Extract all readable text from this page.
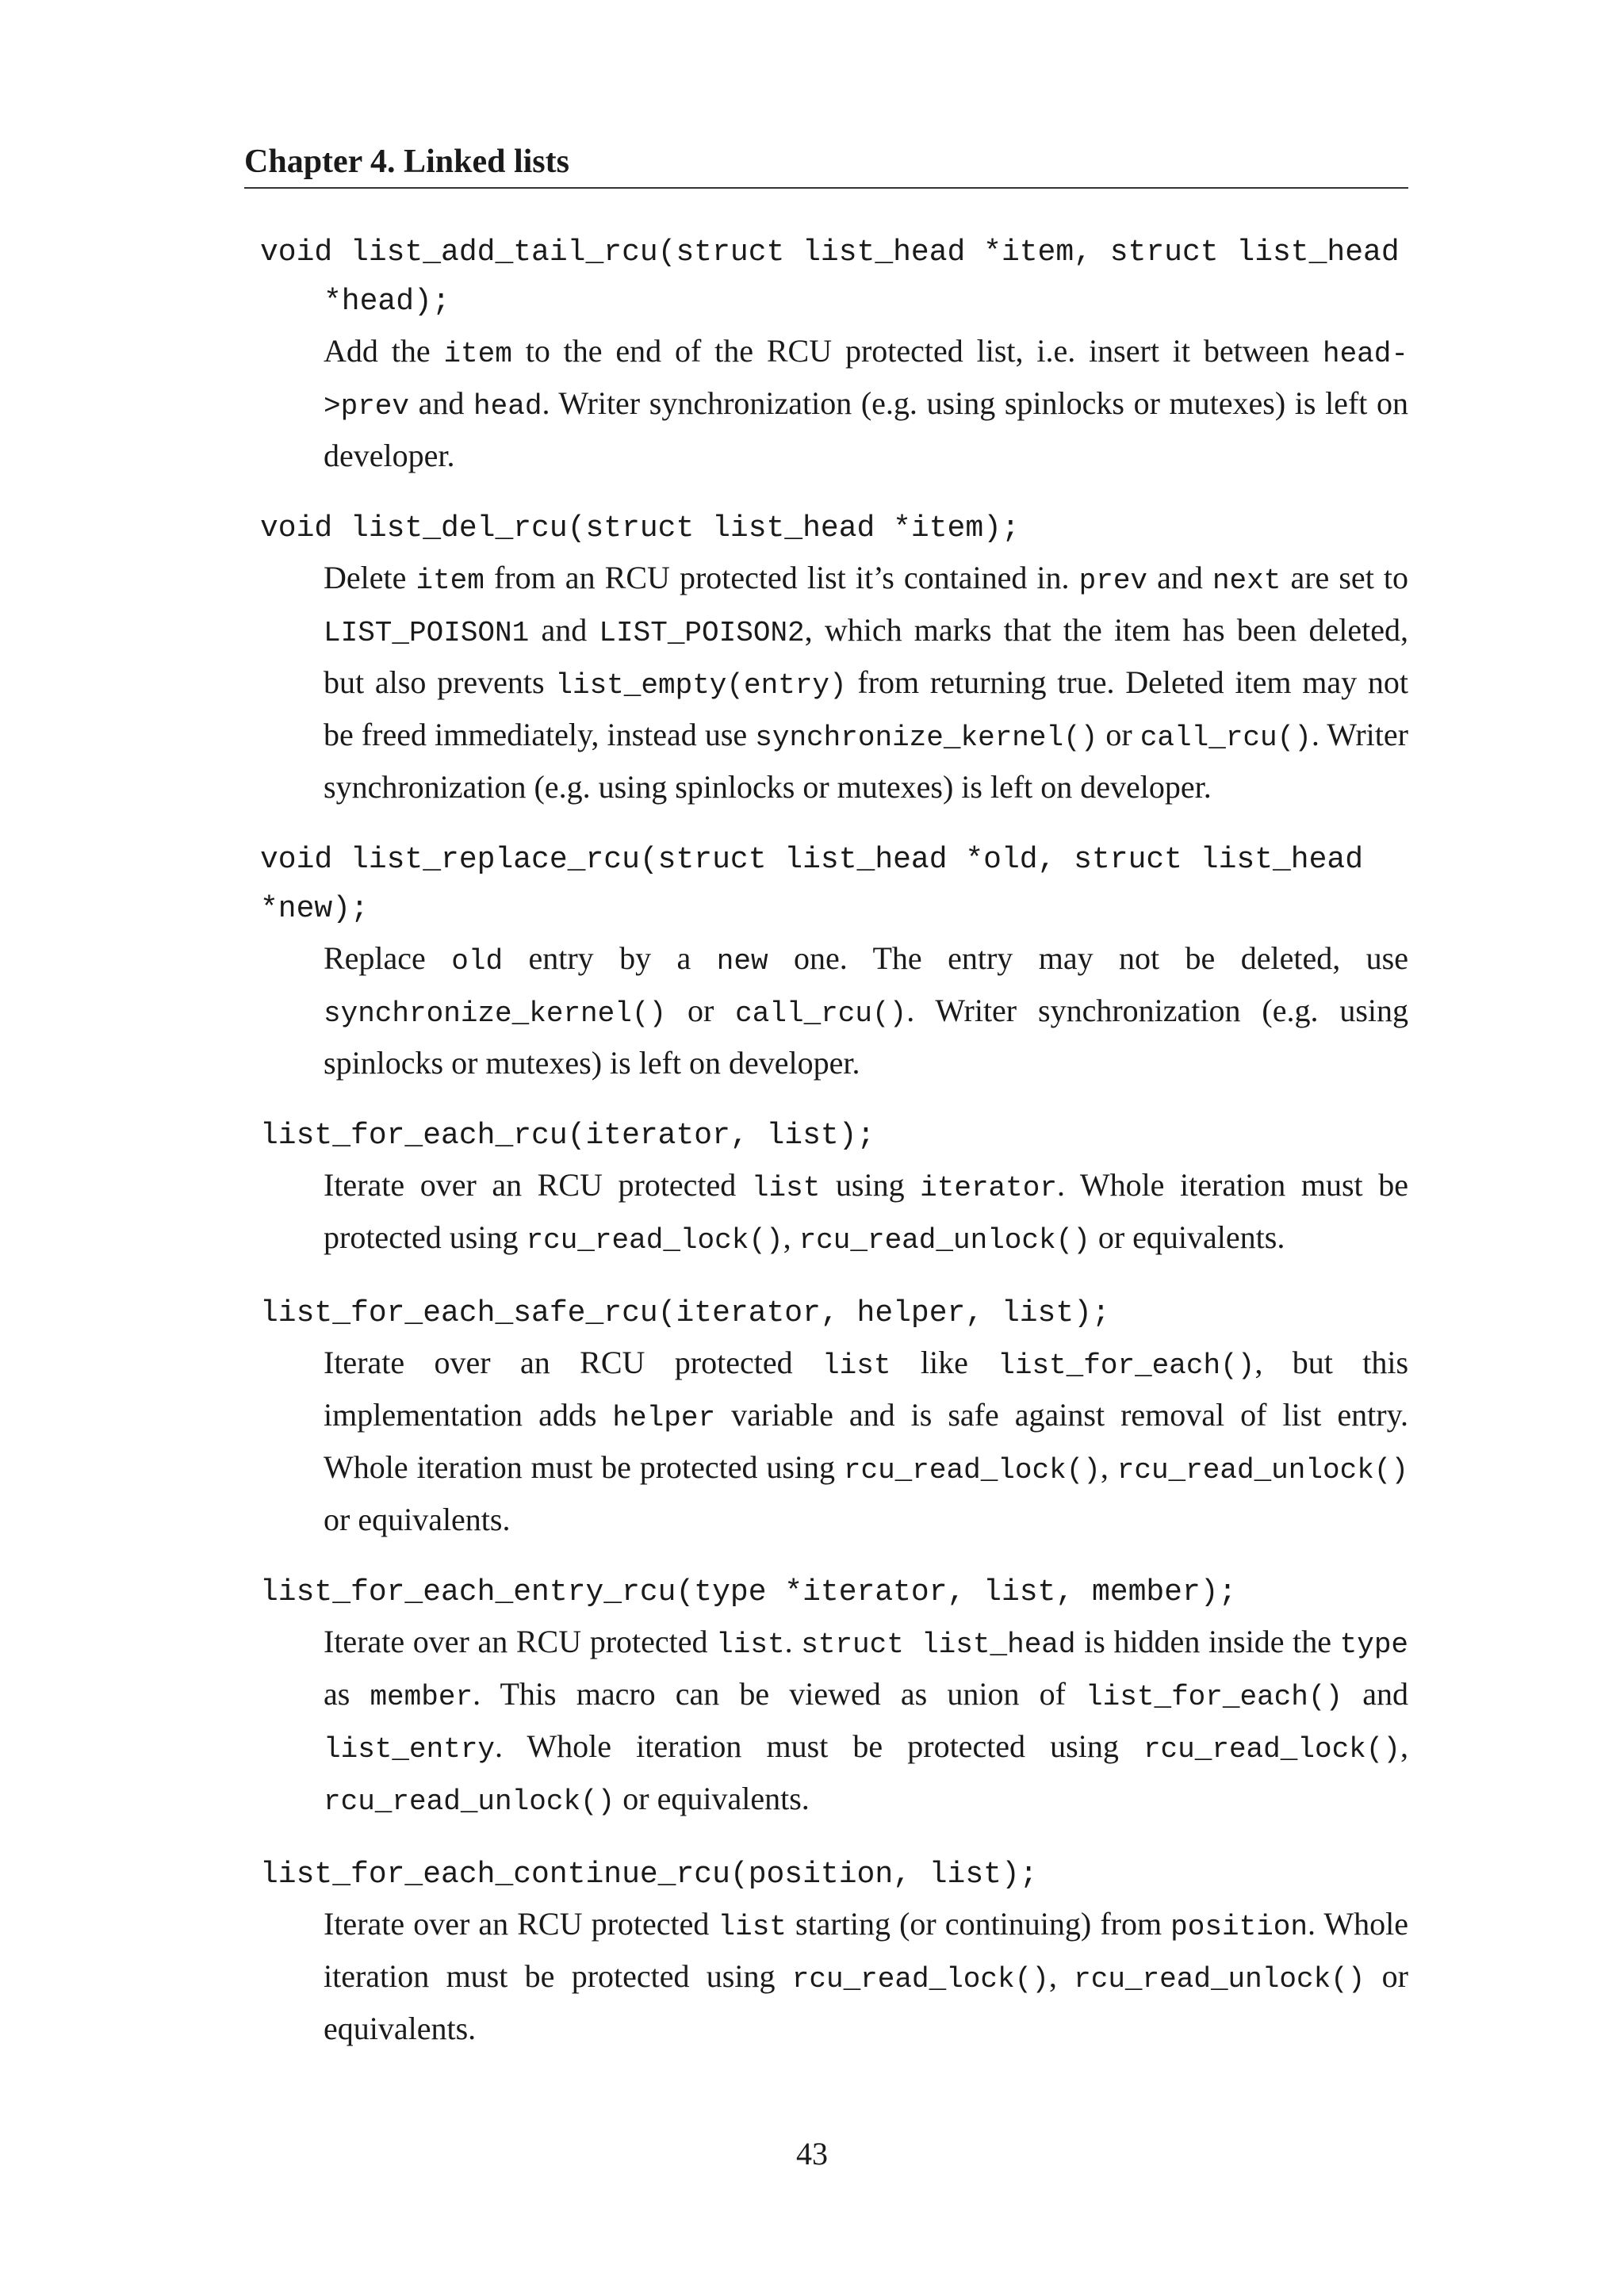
Chapter 4. Linked lists
void list_add_tail_rcu(struct list_head *item, struct list_head
*head);
Add the item to the end of the RCU protected list, i.e. insert it between head->prev and head. Writer synchronization (e.g. using spinlocks or mutexes) is left on developer.
void list_del_rcu(struct list_head *item);
Delete item from an RCU protected list it’s contained in. prev and next are set to LIST_POISON1 and LIST_POISON2, which marks that the item has been deleted, but also prevents list_empty(entry) from returning true. Deleted item may not be freed immediately, instead use synchronize_kernel() or call_rcu(). Writer synchronization (e.g. using spinlocks or mutexes) is left on developer.
void list_replace_rcu(struct list_head *old, struct list_head *new);
Replace old entry by a new one. The entry may not be deleted, use synchronize_kernel() or call_rcu(). Writer synchronization (e.g. using spinlocks or mutexes) is left on developer.
list_for_each_rcu(iterator, list);
Iterate over an RCU protected list using iterator. Whole iteration must be protected using rcu_read_lock(), rcu_read_unlock() or equivalents.
list_for_each_safe_rcu(iterator, helper, list);
Iterate over an RCU protected list like list_for_each(), but this implementation adds helper variable and is safe against removal of list entry. Whole iteration must be protected using rcu_read_lock(), rcu_read_unlock() or equivalents.
list_for_each_entry_rcu(type *iterator, list, member);
Iterate over an RCU protected list. struct list_head is hidden inside the type as member. This macro can be viewed as union of list_for_each() and list_entry. Whole iteration must be protected using rcu_read_lock(), rcu_read_unlock() or equivalents.
list_for_each_continue_rcu(position, list);
Iterate over an RCU protected list starting (or continuing) from position. Whole iteration must be protected using rcu_read_lock(), rcu_read_unlock() or equivalents.
43
